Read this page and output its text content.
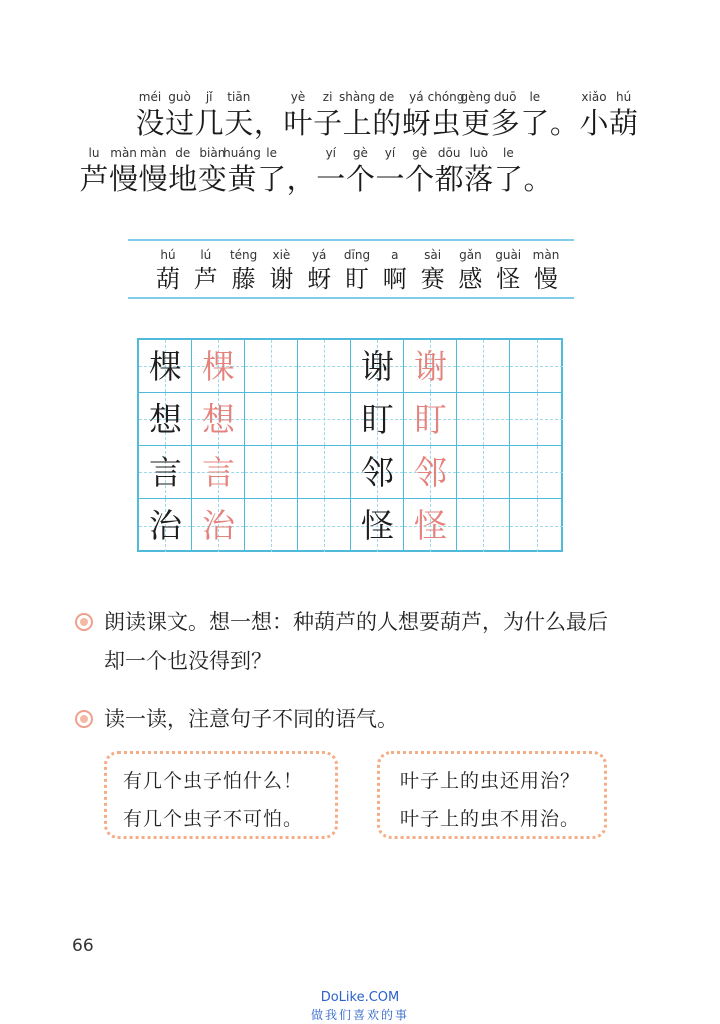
méi
没
guò
过
jǐ
几
tiān
天 ，
yè
叶
zi
子
shàng
上
de
的
yá
蚜
chóng
虫
gèng
更
duō
多
le
了 。
xiǎo
小
hú
葫
lu
芦
màn
慢
màn
慢
de
地
biàn
变
huáng
黄
le
了 ，
yí
一
gè
个
yí
一
gè
个
dōu
都
luò
落
le
了 。
hú
葫
lú
芦
téng
藤
xiè
谢
yá
蚜
dīng
盯
a
啊
sài
赛
gǎn
感
guài
怪
màn
慢
棵 棵	谢 谢
想 想	盯 盯
言 言	邻 邻
治 治	怪 怪
朗读课文。想一想：种葫芦的人想要葫芦，为什么最后
却一个也没得到？
读一读，注意句子不同的语气。
有几个虫子怕什么！
有几个虫子不可怕。
叶子上的虫还用治？
叶子上的虫不用治。
66
DoLike.COM
做我们喜欢的事
